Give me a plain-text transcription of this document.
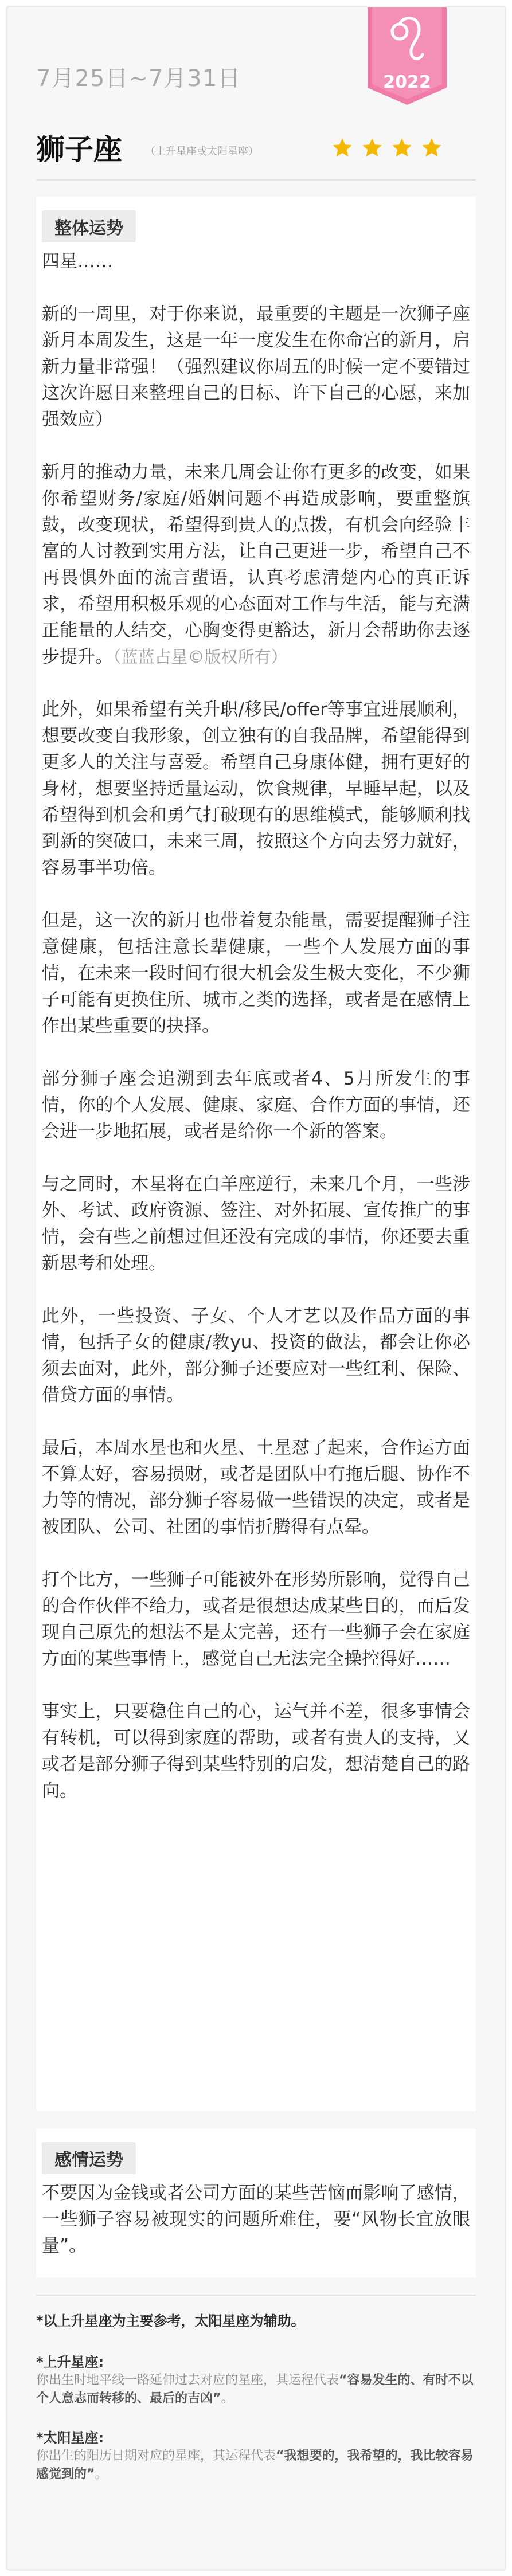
7月25日~7月31日	2022
狮子座 （上升星座或太阳星座）
整体运势

四星……

新的一周里，对于你来说，最重要的主题是一次狮子座新月本周发生，这是一年一度发生在你命宫的新月，启新力量非常强！（强烈建议你周五的时候一定不要错过这次许愿日来整理自己的目标、许下自己的心愿，来加强效应）

新月的推动力量，未来几周会让你有更多的改变，如果你希望财务/家庭/婚姻问题不再造成影响，要重整旗鼓，改变现状，希望得到贵人的点拨，有机会向经验丰富的人讨教到实用方法，让自己更进一步，希望自己不再畏惧外面的流言蜚语，认真考虑清楚内心的真正诉求，希望用积极乐观的心态面对工作与生活，能与充满正能量的人结交，心胸变得更豁达，新月会帮助你去逐步提升。（蓝蓝占星©版权所有）

此外，如果希望有关升职/移民/offer等事宜进展顺利，想要改变自我形象，创立独有的自我品牌，希望能得到更多人的关注与喜爱。希望自己身康体健，拥有更好的身材，想要坚持适量运动，饮食规律，早睡早起，以及希望得到机会和勇气打破现有的思维模式，能够顺利找到新的突破口，未来三周，按照这个方向去努力就好，容易事半功倍。

但是，这一次的新月也带着复杂能量，需要提醒狮子注意健康，包括注意长辈健康，一些个人发展方面的事情，在未来一段时间有很大机会发生极大变化，不少狮子可能有更换住所、城市之类的选择，或者是在感情上作出某些重要的抉择。

部分狮子座会追溯到去年底或者4、5月所发生的事情，你的个人发展、健康、家庭、合作方面的事情，还会进一步地拓展，或者是给你一个新的答案。

与之同时，木星将在白羊座逆行，未来几个月，一些涉外、考试、政府资源、签注、对外拓展、宣传推广的事情，会有些之前想过但还没有完成的事情，你还要去重新思考和处理。

此外，一些投资、子女、个人才艺以及作品方面的事情，包括子女的健康/教yu、投资的做法，都会让你必须去面对，此外，部分狮子还要应对一些红利、保险、借贷方面的事情。

最后，本周水星也和火星、土星怼了起来，合作运方面不算太好，容易损财，或者是团队中有拖后腿、协作不力等的情况，部分狮子容易做一些错误的决定，或者是被团队、公司、社团的事情折腾得有点晕。

打个比方，一些狮子可能被外在形势所影响，觉得自己的合作伙伴不给力，或者是很想达成某些目的，而后发现自己原先的想法不是太完善，还有一些狮子会在家庭方面的某些事情上，感觉自己无法完全操控得好……

事实上，只要稳住自己的心，运气并不差，很多事情会有转机，可以得到家庭的帮助，或者有贵人的支持，又或者是部分狮子得到某些特别的启发，想清楚自己的路向。

感情运势

不要因为金钱或者公司方面的某些苦恼而影响了感情，一些狮子容易被现实的问题所难住，要“风物长宜放眼量”。

*以上升星座为主要参考，太阳星座为辅助。
*上升星座:
你出生时地平线一路延伸过去对应的星座，其运程代表“容易发生的、有时不以个人意志而转移的、最后的吉凶”。
*太阳星座:
你出生的阳历日期对应的星座，其运程代表“我想要的，我希望的，我比较容易感觉到的”。
